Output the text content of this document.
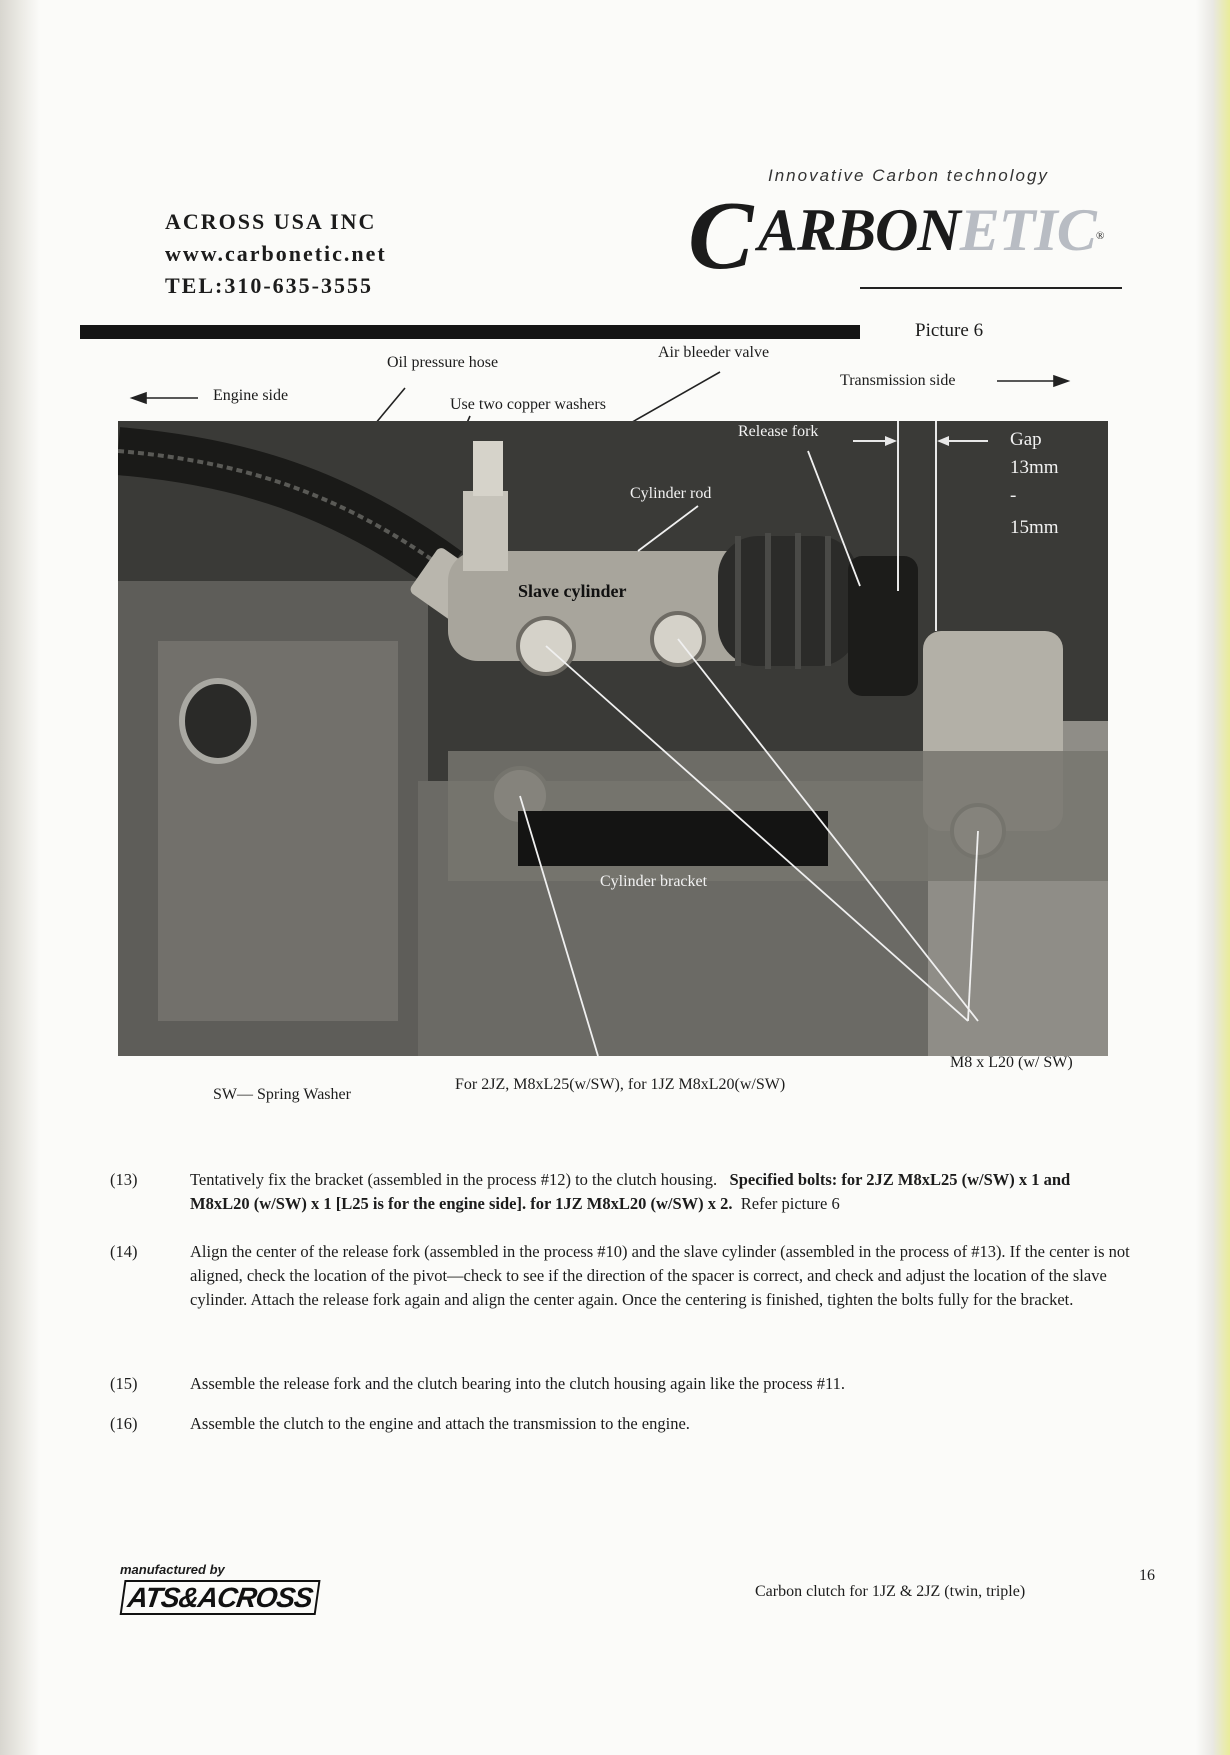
ACROSS USA INC
www.carbonetic.net
TEL:310-635-3555
Innovative Carbon technology
C ARBONETIC ®
Picture 6
Oil pressure hose
Air bleeder valve
Engine side
Use two copper washers
Transmission side
Release fork
Cylinder rod
Slave cylinder
Cylinder bracket
Gap
13mm
-
15mm
M8 x L20 (w/ SW)
SW— Spring Washer
For 2JZ, M8xL25(w/SW), for 1JZ M8xL20(w/SW)
(13)	Tentatively fix the bracket (assembled in the process #12) to the clutch housing. Specified bolts: for 2JZ M8xL25 (w/SW) x 1 and M8xL20 (w/SW) x 1 [L25 is for the engine side]. for 1JZ M8xL20 (w/SW) x 2. Refer picture 6
(14)	Align the center of the release fork (assembled in the process #10) and the slave cylinder (assembled in the process of #13). If the center is not aligned, check the location of the pivot—check to see if the direction of the spacer is correct, and check and adjust the location of the slave cylinder. Attach the release fork again and align the center again. Once the centering is finished, tighten the bolts fully for the bracket.
(15)	Assemble the release fork and the clutch bearing into the clutch housing again like the process #11.
(16)	Assemble the clutch to the engine and attach the transmission to the engine.
manufactured by
ATS&ACROSS	Carbon clutch for 1JZ & 2JZ (twin, triple)
16
